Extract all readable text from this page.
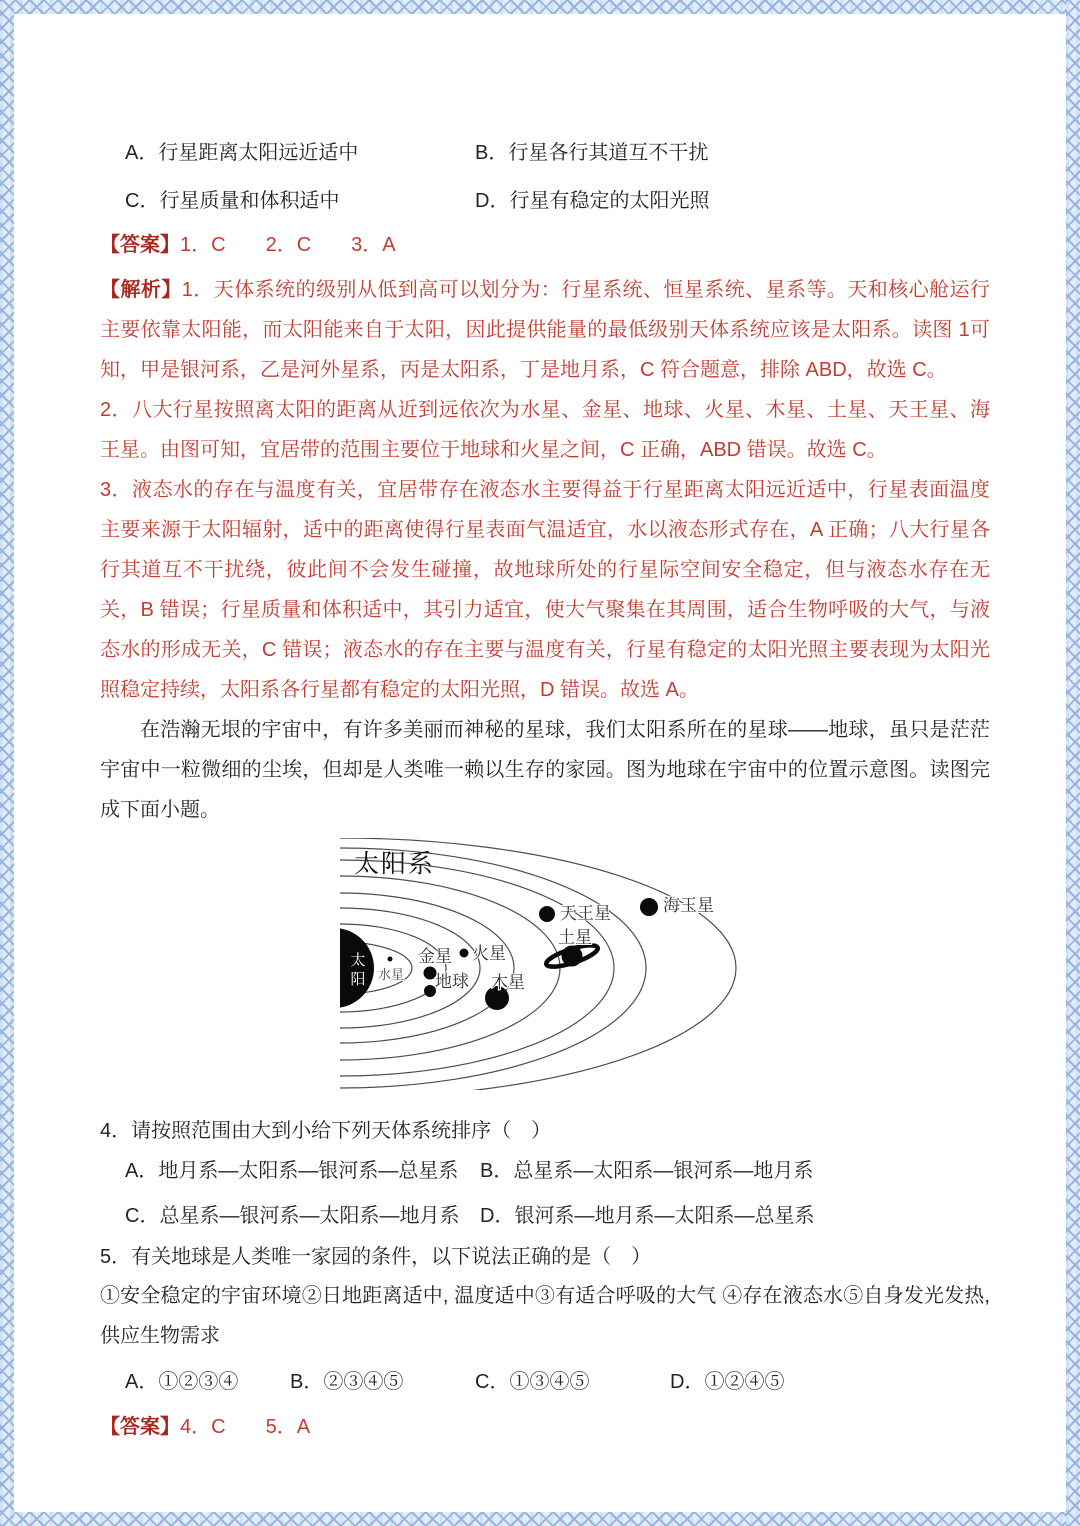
A．行星距离太阳远近适中	B．行星各行其道互不干扰
C．行星质量和体积适中	D．行星有稳定的太阳光照

【答案】1．C　　2．C　　3．A

【解析】1．天体系统的级别从低到高可以划分为：行星系统、恒星系统、星系等。天和核心舱运行主要依靠太阳能，而太阳能来自于太阳，因此提供能量的最低级别天体系统应该是太阳系。读图 1可知，甲是银河系，乙是河外星系，丙是太阳系，丁是地月系，C 符合题意，排除 ABD，故选 C。

2．八大行星按照离太阳的距离从近到远依次为水星、金星、地球、火星、木星、土星、天王星、海王星。由图可知，宜居带的范围主要位于地球和火星之间，C 正确，ABD 错误。故选 C。

3．液态水的存在与温度有关，宜居带存在液态水主要得益于行星距离太阳远近适中，行星表面温度主要来源于太阳辐射，适中的距离使得行星表面气温适宜，水以液态形式存在，A 正确；八大行星各行其道互不干扰绕，彼此间不会发生碰撞，故地球所处的行星际空间安全稳定，但与液态水存在无关，B 错误；行星质量和体积适中，其引力适宜，使大气聚集在其周围，适合生物呼吸的大气，与液态水的形成无关，C 错误；液态水的存在主要与温度有关，行星有稳定的太阳光照主要表现为太阳光照稳定持续，太阳系各行星都有稳定的太阳光照，D 错误。故选 A。

在浩瀚无垠的宇宙中，有许多美丽而神秘的星球，我们太阳系所在的星球——地球，虽只是茫茫宇宙中一粒微细的尘埃，但却是人类唯一赖以生存的家园。图为地球在宇宙中的位置示意图。读图完成下面小题。

太
阳
太阳系
水星
金星
地球
火星
木星
土星
天王星	海王星

4．请按照范围由大到小给下列天体系统排序（　）

A．地月系—太阳系—银河系—总星系	B．总星系—太阳系—银河系—地月系
C．总星系—银河系—太阳系—地月系	D．银河系—地月系—太阳系—总星系

5．有关地球是人类唯一家园的条件，以下说法正确的是（　）

①安全稳定的宇宙环境②日地距离适中, 温度适中③有适合呼吸的大气 ④存在液态水⑤自身发光发热, 供应生物需求

A．①②③④	B．②③④⑤	C．①③④⑤	D．①②④⑤

【答案】4．C　　5．A
